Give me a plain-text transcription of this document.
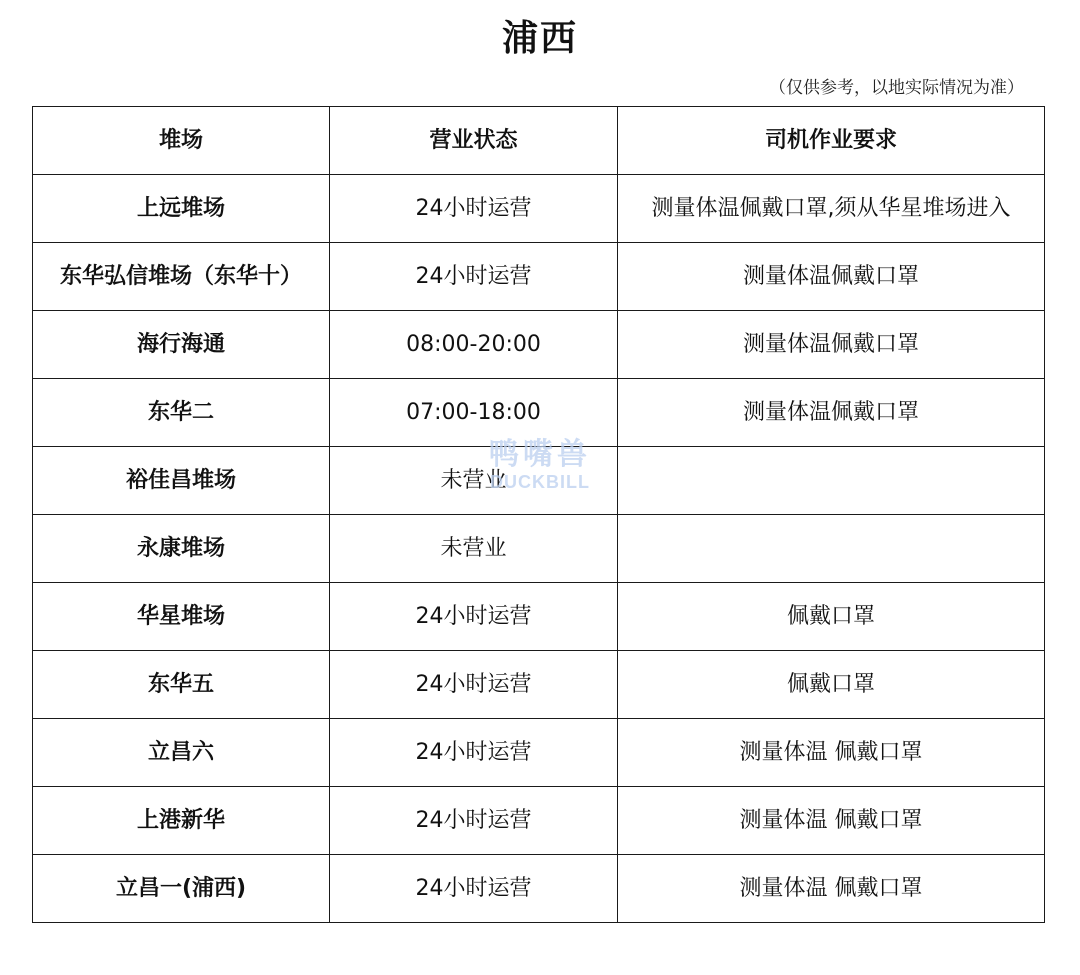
浦西
（仅供参考，以地实际情况为准）
堆场	营业状态	司机作业要求
上远堆场	24小时运营	测量体温佩戴口罩,须从华星堆场进入
东华弘信堆场（东华十）	24小时运营	测量体温佩戴口罩
海行海通	08:00-20:00	测量体温佩戴口罩
东华二	07:00-18:00	测量体温佩戴口罩
裕佳昌堆场	未营业	
永康堆场	未营业	
华星堆场	24小时运营	佩戴口罩
东华五	24小时运营	佩戴口罩
立昌六	24小时运营	测量体温 佩戴口罩
上港新华	24小时运营	测量体温 佩戴口罩
立昌一(浦西)	24小时运营	测量体温 佩戴口罩
鸭嘴兽
DUCKBILL
